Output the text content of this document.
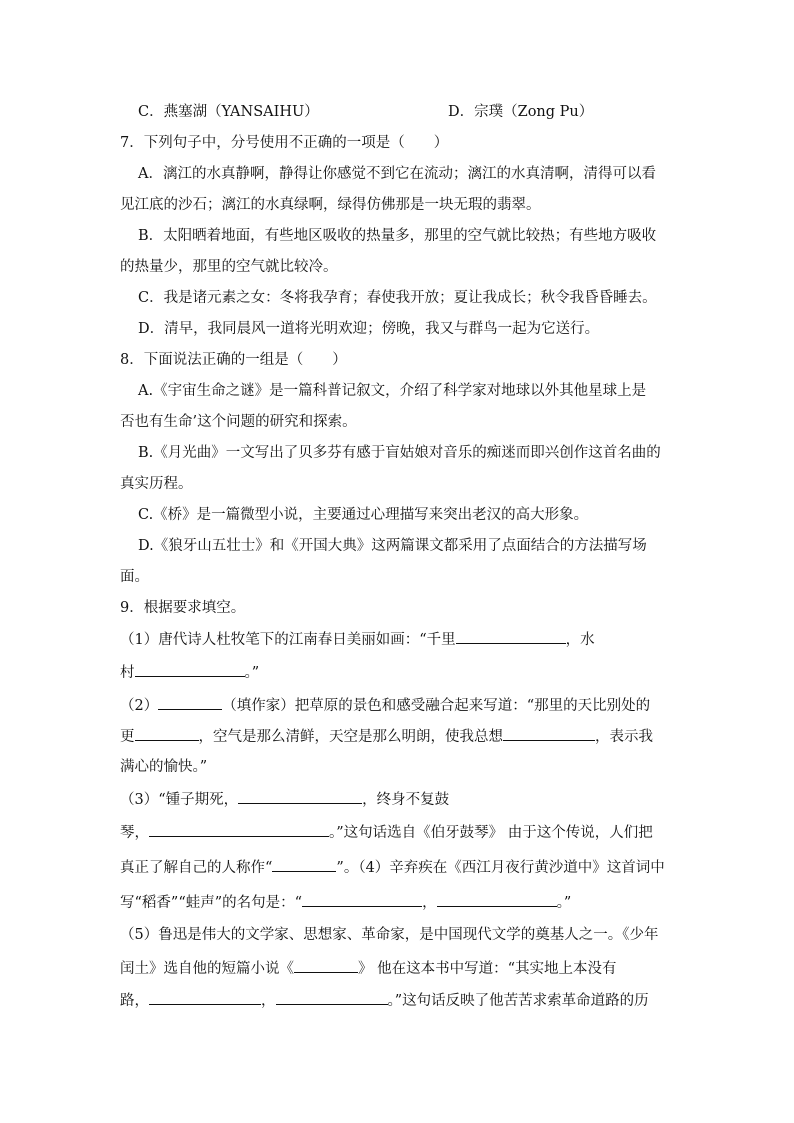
C．燕塞湖（YANSAIHU）	D．宗璞（Zong Pu）
7．下列句子中，分号使用不正确的一项是（　　）
A．漓江的水真静啊，静得让你感觉不到它在流动；漓江的水真清啊，清得可以看
见江底的沙石；漓江的水真绿啊，绿得仿佛那是一块无瑕的翡翠。
B．太阳晒着地面，有些地区吸收的热量多，那里的空气就比较热；有些地方吸收
的热量少，那里的空气就比较冷。
C．我是诸元素之女：冬将我孕育；春使我开放；夏让我成长；秋令我昏昏睡去。
D．清早，我同晨风一道将光明欢迎；傍晚，我又与群鸟一起为它送行。
8．下面说法正确的一组是（　　）
A.《宇宙生命之谜》是一篇科普记叙文，介绍了科学家对地球以外其他星球上是
否也有生命’这个问题的研究和探索。
B.《月光曲》一文写出了贝多芬有感于盲姑娘对音乐的痴迷而即兴创作这首名曲的
真实历程。
C.《桥》是一篇微型小说，主要通过心理描写来突出老汉的高大形象。
D.《狼牙山五壮士》和《开国大典》这两篇课文都采用了点面结合的方法描写场
面。
9．根据要求填空。
（1）唐代诗人杜牧笔下的江南春日美丽如画：“千里	，水
村	。”
（2）	（填作家）把草原的景色和感受融合起来写道：“那里的天比别处的
更	，空气是那么清鲜，天空是那么明朗，使我总想	，表示我
满心的愉快。”
（3）“锺子期死，	，终身不复鼓
琴，	。”这句话选自《伯牙鼓琴》 由于这个传说，人们把
真正了解自己的人称作“	”。（4）辛弃疾在《西江月夜行黄沙道中》这首词中
写“稻香”“蛙声”的名句是：“	，	。”
（5）鲁迅是伟大的文学家、思想家、革命家，是中国现代文学的奠基人之一。《少年
闰土》选自他的短篇小说《	》 他在这本书中写道：“其实地上本没有
路，	，	。”这句话反映了他苦苦求索革命道路的历
